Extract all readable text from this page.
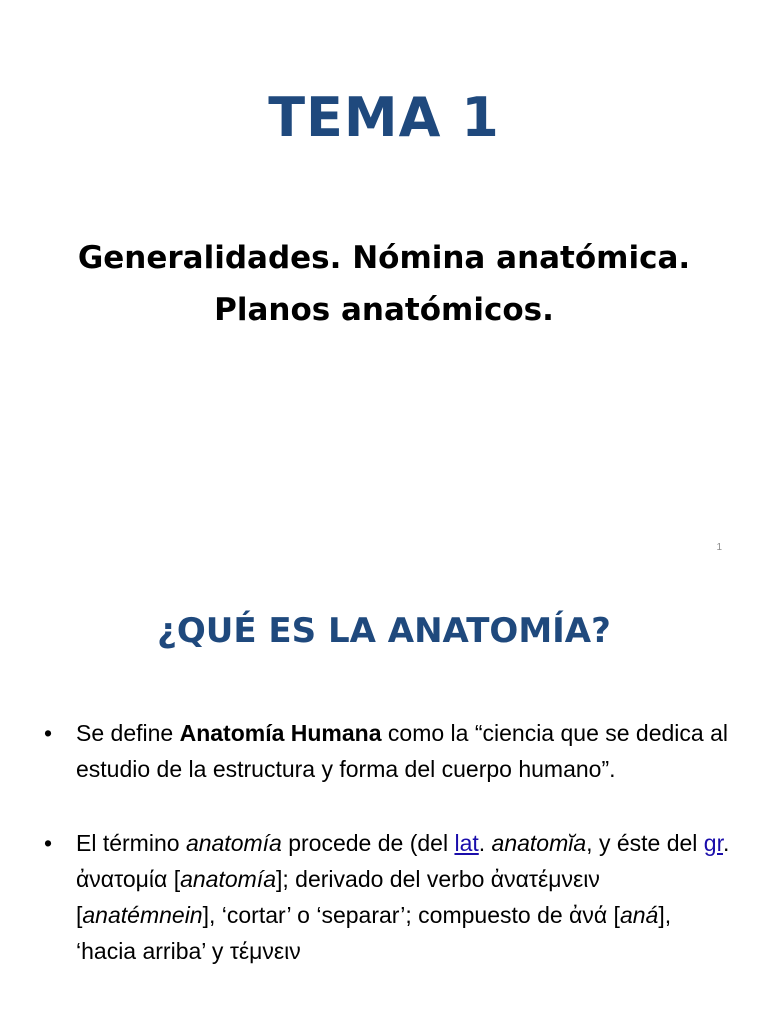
TEMA 1
Generalidades. Nómina anatómica.
Planos anatómicos.
1
¿QUÉ ES LA ANATOMÍA?
• Se define Anatomía Humana como la “ciencia que se dedica al estudio de la estructura y forma del cuerpo humano”.
• El término anatomía procede de (del lat. anatomĭa, y éste del gr. ἀνατομία [anatomía]; derivado del verbo ἀνατέμνειν [anatémnein], ‘cortar’ o ‘separar’; compuesto de ἀνά [aná], ‘hacia arriba’ y τέμνειν
